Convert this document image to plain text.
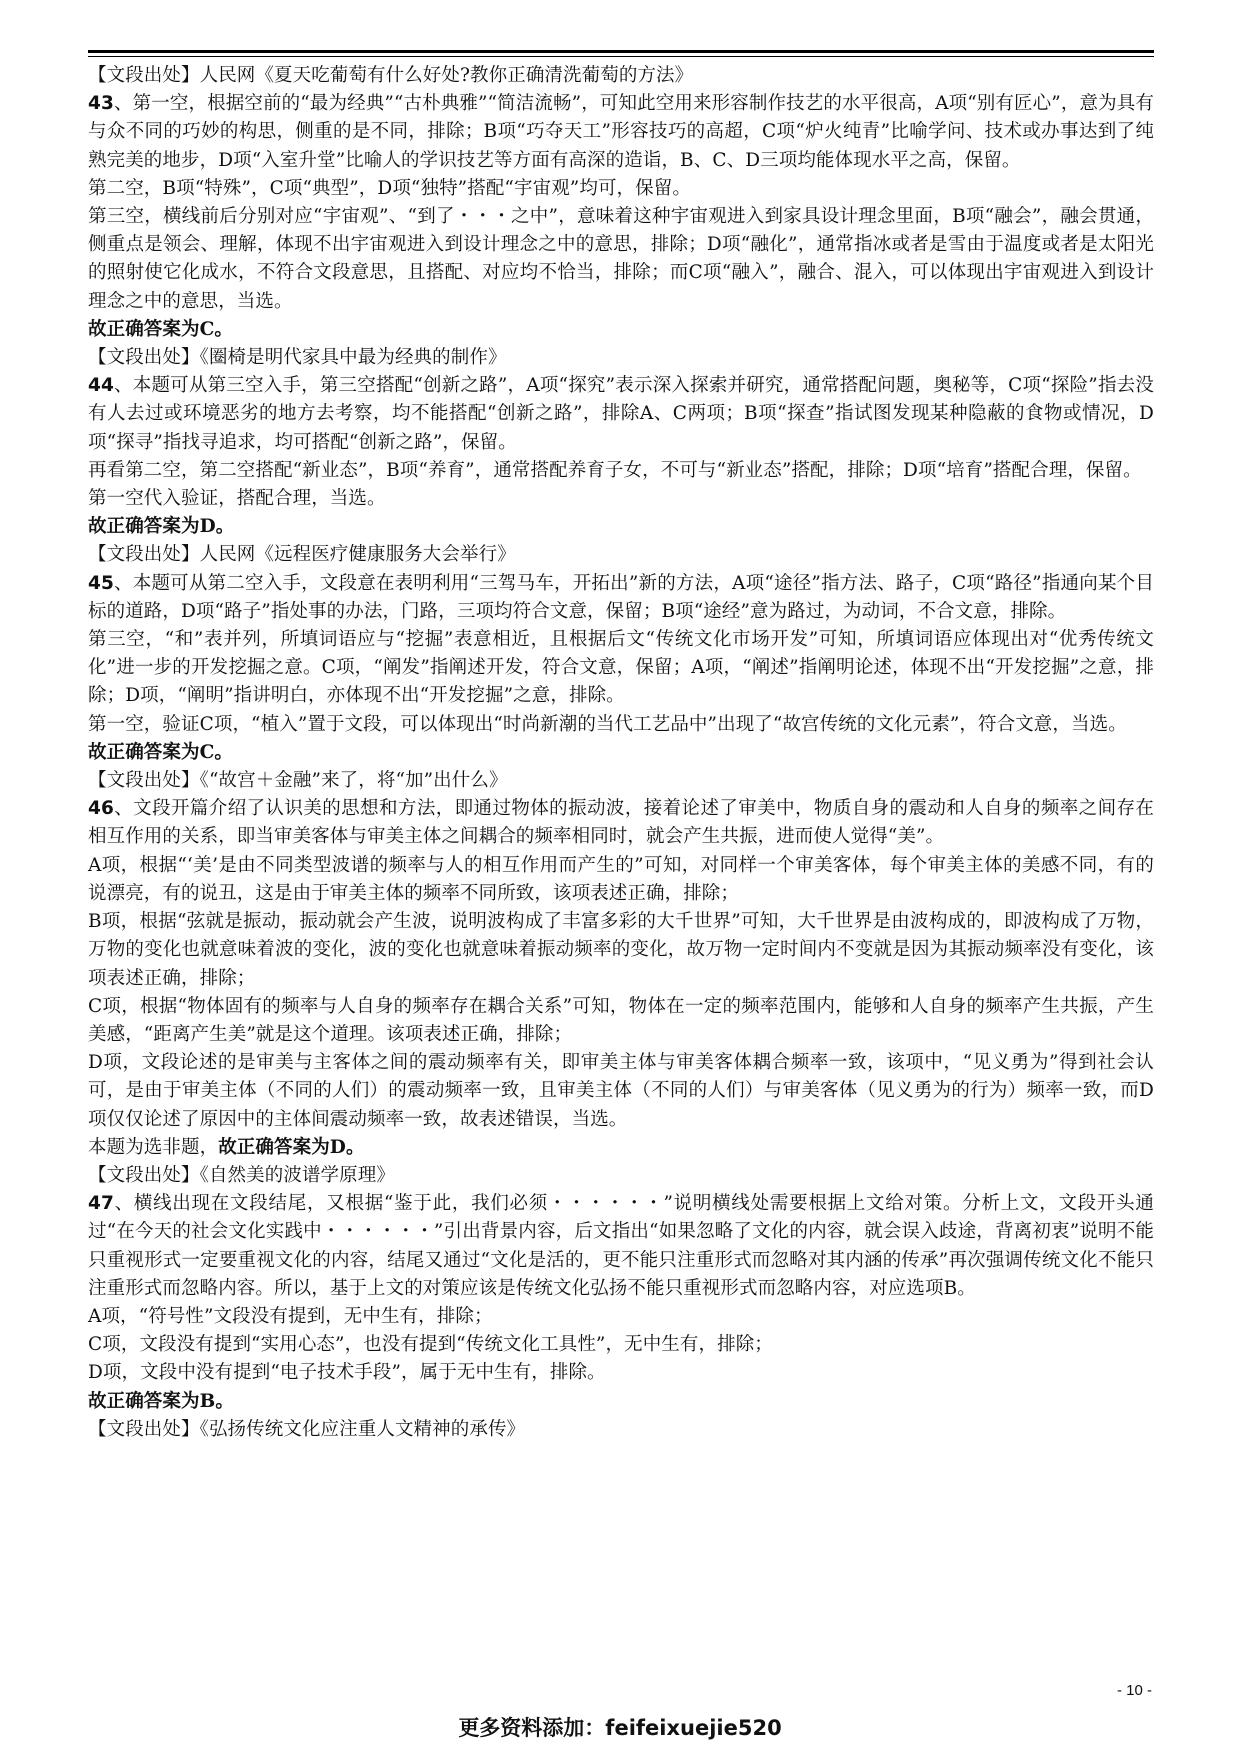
【文段出处】人民网《夏天吃葡萄有什么好处?教你正确清洗葡萄的方法》

43、第一空，根据空前的“最为经典”“古朴典雅”“简洁流畅”，可知此空用来形容制作技艺的水平很高，A项“别有匠心”，意为具有与众不同的巧妙的构思，侧重的是不同，排除；B项“巧夺天工”形容技巧的高超，C项“炉火纯青”比喻学问、技术或办事达到了纯熟完美的地步，D项“入室升堂”比喻人的学识技艺等方面有高深的造诣，B、C、D三项均能体现水平之高，保留。

第二空，B项“特殊”，C项“典型”，D项“独特”搭配“宇宙观”均可，保留。

第三空，横线前后分别对应“宇宙观”、“到了・・・之中”，意味着这种宇宙观进入到家具设计理念里面，B项“融会”，融会贯通，侧重点是领会、理解，体现不出宇宙观进入到设计理念之中的意思，排除；D项“融化”，通常指冰或者是雪由于温度或者是太阳光的照射使它化成水，不符合文段意思，且搭配、对应均不恰当，排除；而C项“融入”，融合、混入，可以体现出宇宙观进入到设计理念之中的意思，当选。

故正确答案为C。

【文段出处】《圈椅是明代家具中最为经典的制作》

44、本题可从第三空入手，第三空搭配“创新之路”，A项“探究”表示深入探索并研究，通常搭配问题，奥秘等，C项“探险”指去没有人去过或环境恶劣的地方去考察，均不能搭配“创新之路”，排除A、C两项；B项“探查”指试图发现某种隐蔽的食物或情况，D项“探寻”指找寻追求，均可搭配“创新之路”，保留。

再看第二空，第二空搭配“新业态”，B项“养育”，通常搭配养育子女，不可与“新业态”搭配，排除；D项“培育”搭配合理，保留。

第一空代入验证，搭配合理，当选。

故正确答案为D。

【文段出处】人民网《远程医疗健康服务大会举行》

45、本题可从第二空入手，文段意在表明利用“三驾马车，开拓出”新的方法，A项“途径”指方法、路子，C项“路径”指通向某个目标的道路，D项“路子”指处事的办法，门路，三项均符合文意，保留；B项“途经”意为路过，为动词，不合文意，排除。

第三空，“和”表并列，所填词语应与“挖掘”表意相近，且根据后文“传统文化市场开发”可知，所填词语应体现出对“优秀传统文化”进一步的开发挖掘之意。C项，“阐发”指阐述开发，符合文意，保留；A项，“阐述”指阐明论述，体现不出“开发挖掘”之意，排除；D项，“阐明”指讲明白，亦体现不出“开发挖掘”之意，排除。

第一空，验证C项，“植入”置于文段，可以体现出“时尚新潮的当代工艺品中”出现了“故宫传统的文化元素”，符合文意，当选。

故正确答案为C。

【文段出处】《“故宫＋金融”来了，将“加”出什么》

46、文段开篇介绍了认识美的思想和方法，即通过物体的振动波，接着论述了审美中，物质自身的震动和人自身的频率之间存在相互作用的关系，即当审美客体与审美主体之间耦合的频率相同时，就会产生共振，进而使人觉得“美”。

A项，根据“‘美’是由不同类型波谱的频率与人的相互作用而产生的”可知，对同样一个审美客体，每个审美主体的美感不同，有的说漂亮，有的说丑，这是由于审美主体的频率不同所致，该项表述正确，排除；

B项，根据“弦就是振动，振动就会产生波，说明波构成了丰富多彩的大千世界”可知，大千世界是由波构成的，即波构成了万物，万物的变化也就意味着波的变化，波的变化也就意味着振动频率的变化，故万物一定时间内不变就是因为其振动频率没有变化，该项表述正确，排除；

C项，根据“物体固有的频率与人自身的频率存在耦合关系”可知，物体在一定的频率范围内，能够和人自身的频率产生共振，产生美感，“距离产生美”就是这个道理。该项表述正确，排除；

D项，文段论述的是审美与主客体之间的震动频率有关，即审美主体与审美客体耦合频率一致，该项中，“见义勇为”得到社会认可，是由于审美主体（不同的人们）的震动频率一致，且审美主体（不同的人们）与审美客体（见义勇为的行为）频率一致，而D项仅仅论述了原因中的主体间震动频率一致，故表述错误，当选。

本题为选非题，故正确答案为D。

【文段出处】《自然美的波谱学原理》

47、横线出现在文段结尾，又根据“鉴于此，我们必须・・・・・・”说明横线处需要根据上文给对策。分析上文，文段开头通过“在今天的社会文化实践中・・・・・・”引出背景内容，后文指出“如果忽略了文化的内容，就会误入歧途，背离初衷”说明不能只重视形式一定要重视文化的内容，结尾又通过“文化是活的，更不能只注重形式而忽略对其内涵的传承”再次强调传统文化不能只注重形式而忽略内容。所以，基于上文的对策应该是传统文化弘扬不能只重视形式而忽略内容，对应选项B。

A项，“符号性”文段没有提到，无中生有，排除；

C项，文段没有提到“实用心态”，也没有提到“传统文化工具性”，无中生有，排除；

D项，文段中没有提到“电子技术手段”，属于无中生有，排除。

故正确答案为B。

【文段出处】《弘扬传统文化应注重人文精神的承传》

- 10 -
更多资料添加：feifeixuejie520
